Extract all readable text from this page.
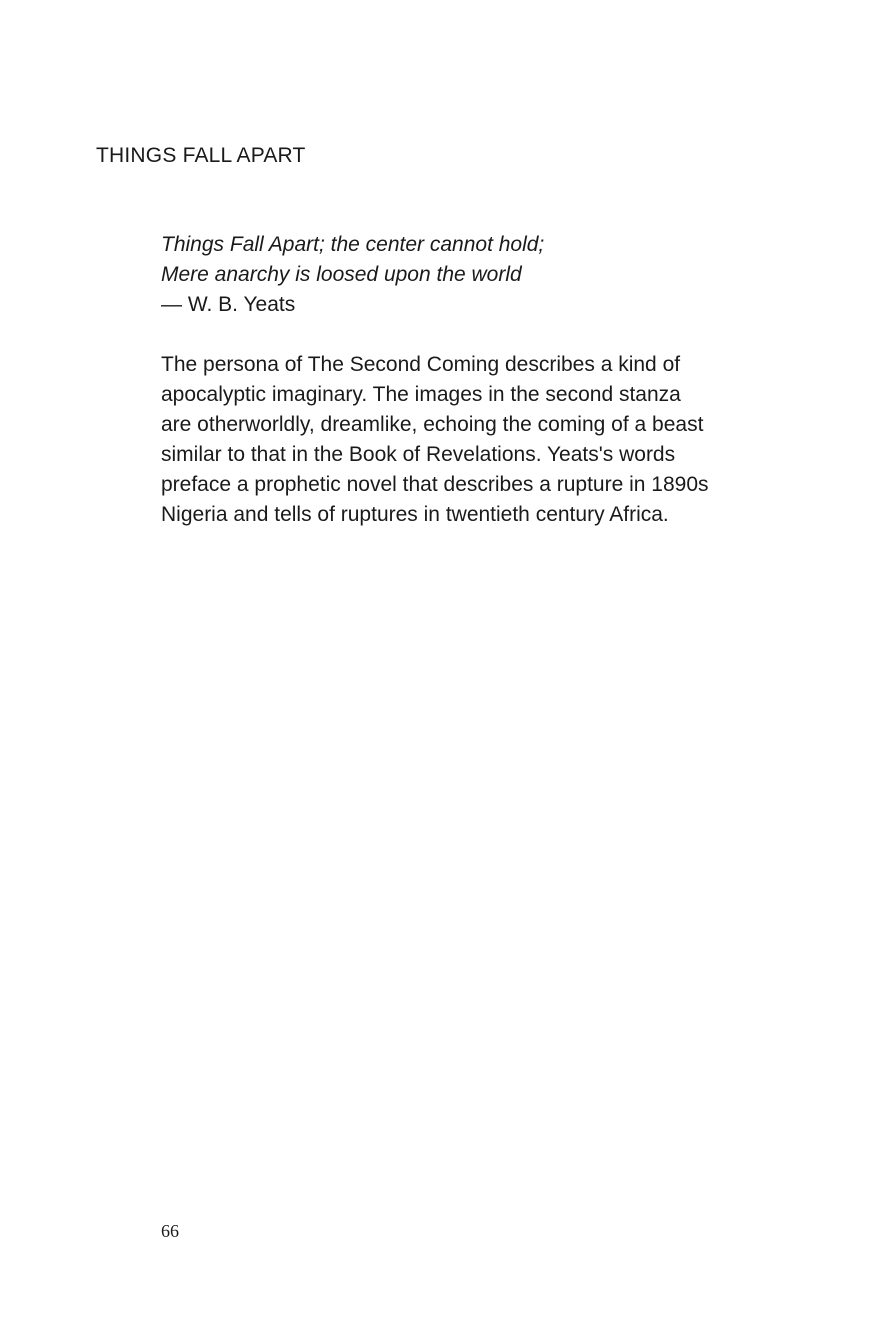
THINGS FALL APART
Things Fall Apart; the center cannot hold;
Mere anarchy is loosed upon the world
— W. B. Yeats
The persona of The Second Coming describes a kind of
apocalyptic imaginary. The images in the second stanza
are otherworldly, dreamlike, echoing the coming of a beast
similar to that in the Book of Revelations. Yeats's words
preface a prophetic novel that describes a rupture in 1890s
Nigeria and tells of ruptures in twentieth century Africa.
66
